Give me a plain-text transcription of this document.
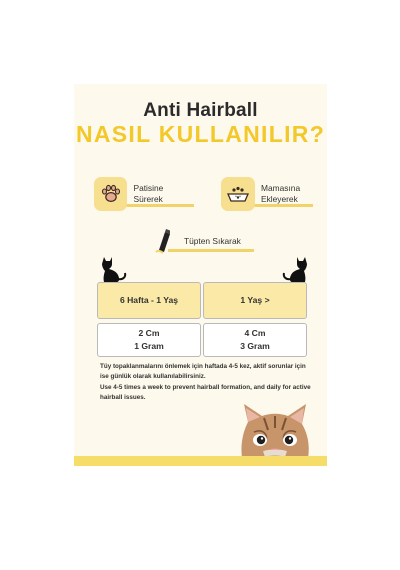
Anti Hairball
NASIL KULLANILIR?
Patisine Sürerek
Mamasına
Ekleyerek
Tüpten Sıkarak
6 Hafta - 1 Yaş	1 Yaş >
2 Cm
1 Gram
4 Cm
3 Gram
Tüy topaklanmalarını önlemek için haftada 4-5 kez, aktif sorunlar için ise günlük olarak kullanılabilirsiniz.
Use 4-5 times a week to prevent hairball formation, and daily for active hairball issues.
